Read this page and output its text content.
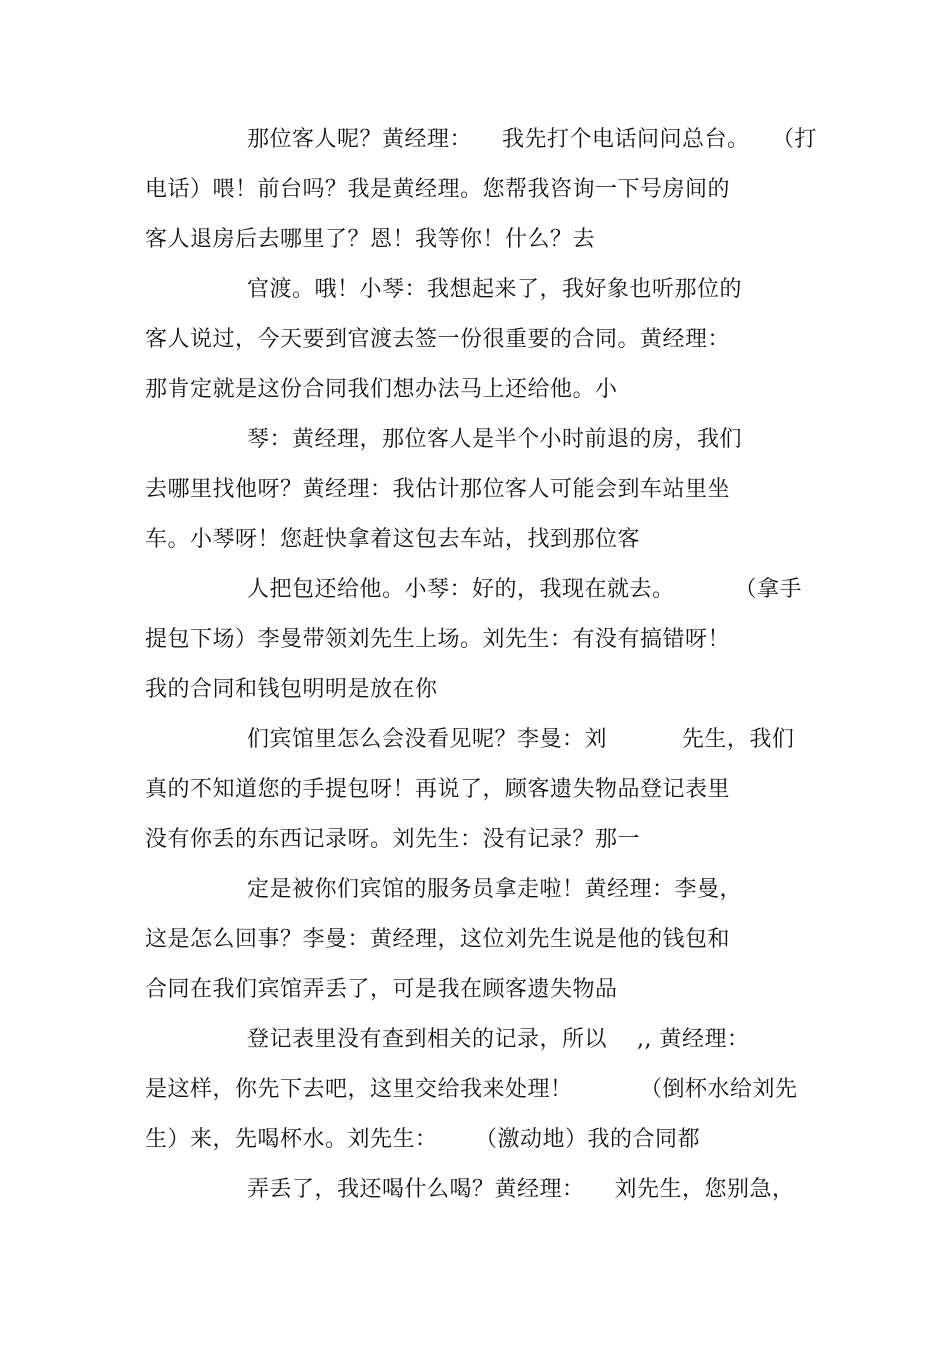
那位客人呢？黄经理：    我先打个电话问问总台。   （打
电话）喂！前台吗？我是黄经理。您帮我咨询一下号房间的
客人退房后去哪里了？恩！我等你！什么？去
官渡。哦！小琴：我想起来了，我好象也听那位的
客人说过，今天要到官渡去签一份很重要的合同。黄经理：
那肯定就是这份合同我们想办法马上还给他。小
琴：黄经理，那位客人是半个小时前退的房，我们
去哪里找他呀？黄经理：我估计那位客人可能会到车站里坐
车。小琴呀！您赶快拿着这包去车站，找到那位客
人把包还给他。小琴：好的，我现在就去。        （拿手
提包下场）李曼带领刘先生上场。刘先生：有没有搞错呀！
我的合同和钱包明明是放在你
们宾馆里怎么会没看见呢？李曼：刘          先生，我们
真的不知道您的手提包呀！再说了，顾客遗失物品登记表里
没有你丢的东西记录呀。刘先生：没有记录？那一
定是被你们宾馆的服务员拿走啦！黄经理：李曼，
这是怎么回事？李曼：黄经理，这位刘先生说是他的钱包和
合同在我们宾馆弄丢了，可是我在顾客遗失物品
登记表里没有查到相关的记录，所以    ,, 黄经理：
是这样，你先下去吧，这里交给我来处理！         （倒杯水给刘先
生）来，先喝杯水。刘先生：     （激动地）我的合同都
弄丢了，我还喝什么喝？黄经理：    刘先生，您别急，
